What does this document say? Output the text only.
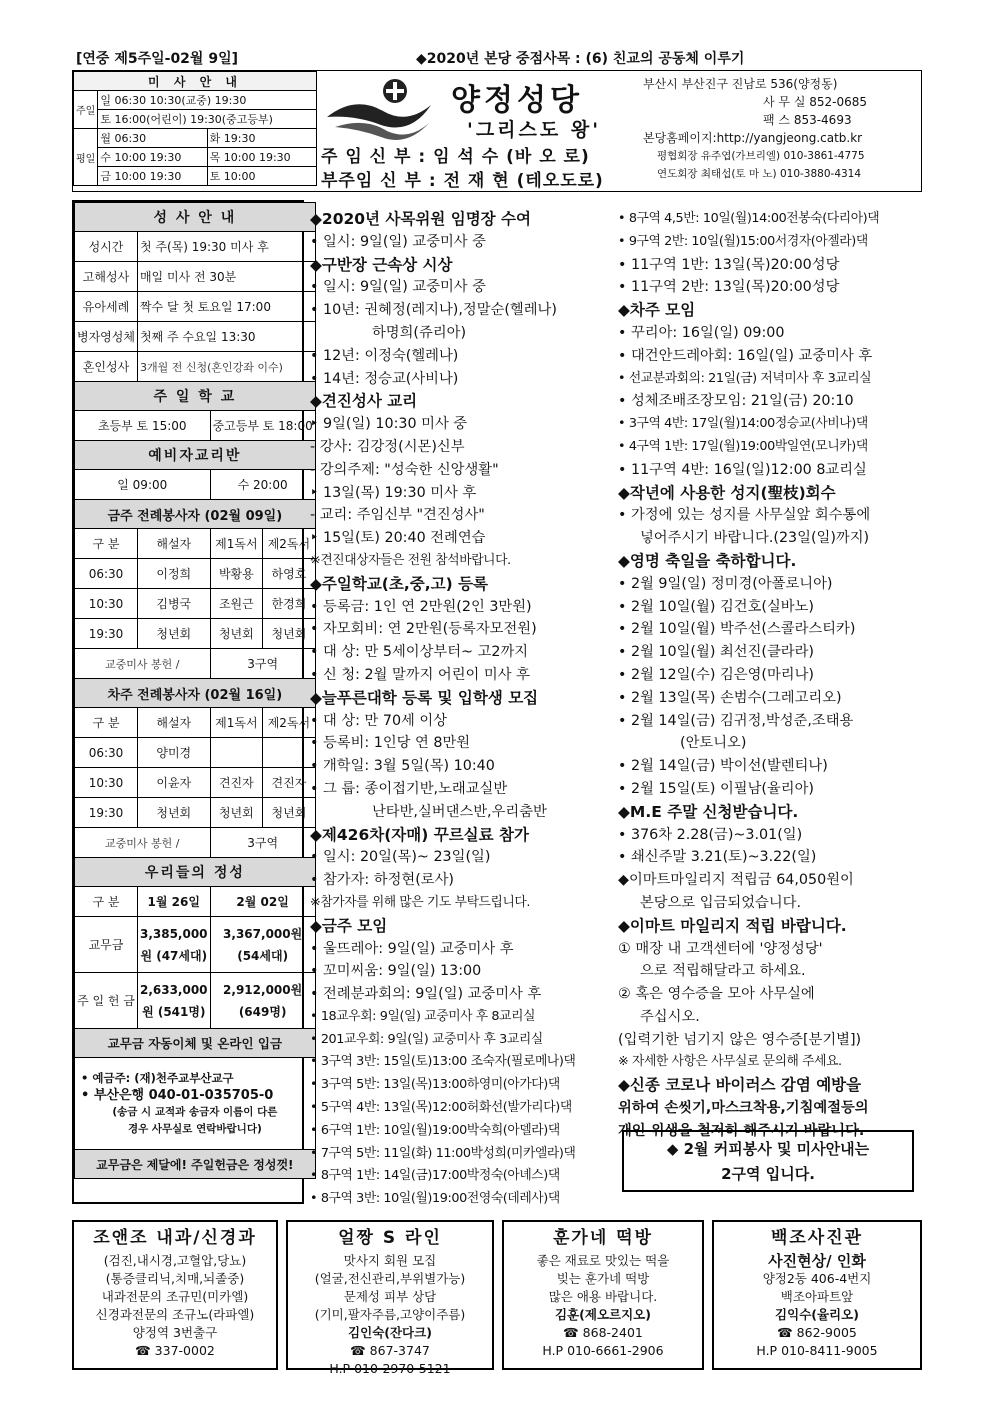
[연중 제5주일-02월 9일]	◆2020년 본당 중점사목 : (6) 친교의 공동체 이루기
미 사 안 내		
주일	일 06:30 10:30(교중) 19:30	
	토 16:00(어린이) 19:30(중고등부)	
평일	월 06:30	화 19:30
	수 10:00 19:30	목 10:00 19:30
	금 10:00 19:30	토 10:00
양정성당
'그리스도 왕'
주 임 신 부 : 임 석 수 (바 오 로)
부주임 신 부 : 전 재 현 (테오도로)
부산시 부산진구 진남로 536(양정동)
사 무 실 852-0685
팩 스 853-4693
본당홈페이지:http://yangjeong.catb.kr
평협회장 유주엽(가브리엘) 010-3861-4775
연도회장 최태섭(토 마 노) 010-3880-4314
성 사 안 내			
성시간	첫 주(목) 19:30 미사 후		
고해성사	매일 미사 전 30분		
유아세례	짝수 달 첫 토요일 17:00		
병자영성체	첫째 주 수요일 13:30		
혼인성사	3개월 전 신청(혼인강좌 이수)		
주 일 학 교			
초등부 토 15:00		중고등부 토 18:00	
예비자교리반			
일 09:00		수 20:00	
금주 전례봉사자 (02월 09일)			
구 분	해설자	제1독서	제2독서
06:30	이정희	박황용	하영호
10:30	김병국	조원근	한경희
19:30	청년회	청년회	청년회
교중미사 봉헌 /		3구역	
차주 전례봉사자 (02월 16일)			
구 분	해설자	제1독서	제2독서
06:30	양미경		
10:30	이윤자	견진자	견진자
19:30	청년회	청년회	청년회
교중미사 봉헌 /		3구역	
우리들의 정성			
구 분	1월 26일	2월 02일	
교무금	3,385,000원 (47세대)	3,367,000원 (54세대)	
주 일 헌 금	2,633,000원 (541명)	2,912,000원 (649명)	
교무금 자동이체 및 온라인 입금			

• 예금주: (재)천주교부산교구
• 부산은행 040-01-035705-0
(송금 시 교적과 송금자 이름이 다른
경우 사무실로 연락바랍니다)			

교무금은 제달에! 주일헌금은 정성껏!			
◆2020년 사목위원 임명장 수여
• 일시: 9일(일) 교중미사 중
◆구반장 근속상 시상
• 일시: 9일(일) 교중미사 중
• 10년: 권혜정(레지나),정말순(헬레나)
하명희(쥬리아)
• 12년: 이정숙(헬레나)
• 14년: 정승교(사비나)
◆견진성사 교리
‣ 9일(일) 10:30 미사 중
- 강사: 김강정(시몬)신부
- 강의주제: "성숙한 신앙생활"
‣ 13일(목) 19:30 미사 후
- 교리: 주임신부 "견진성사"
‣ 15일(토) 20:40 전례연습
※견진대상자들은 전원 참석바랍니다.
◆주일학교(초,중,고) 등록
• 등록금: 1인 연 2만원(2인 3만원)
• 자모회비: 연 2만원(등록자모전원)
• 대 상: 만 5세이상부터~ 고2까지
• 신 청: 2월 말까지 어린이 미사 후
◆늘푸른대학 등록 및 입학생 모집
• 대 상: 만 70세 이상
• 등록비: 1인당 연 8만원
• 개학일: 3월 5일(목) 10:40
• 그 룹: 종이접기반,노래교실반
난타반,실버댄스반,우리춤반
◆제426차(자매) 꾸르실료 참가
• 일시: 20일(목)~ 23일(일)
• 참가자: 하정현(로사)
※참가자를 위해 많은 기도 부탁드립니다.
◆금주 모임
• 울뜨레아: 9일(일) 교중미사 후
• 꼬미씨움: 9일(일) 13:00
• 전례분과회의: 9일(일) 교중미사 후
• 18교우회: 9일(일) 교중미사 후 8교리실
• 201교우회: 9일(일) 교중미사 후 3교리실
• 3구역 3반: 15일(토)13:00 조숙자(필로메나)댁
• 3구역 5반: 13일(목)13:00하영미(아가다)댁
• 5구역 4반: 13일(목)12:00허화선(발가리다)댁
• 6구역 1반: 10일(월)19:00박숙희(아델라)댁
• 7구역 5반: 11일(화) 11:00박성희(미카엘라)댁
• 8구역 1반: 14일(금)17:00박정숙(아녜스)댁
• 8구역 3반: 10일(월)19:00전영숙(데레사)댁
• 8구역 4,5반: 10일(월)14:00전봉숙(다리아)댁
• 9구역 2반: 10일(월)15:00서경자(아젤라)댁
• 11구역 1반: 13일(목)20:00성당
• 11구역 2반: 13일(목)20:00성당
◆차주 모임
• 꾸리아: 16일(일) 09:00
• 대건안드레아회: 16일(일) 교중미사 후
• 선교분과회의: 21일(금) 저녁미사 후 3교리실
• 성체조배조장모임: 21일(금) 20:10
• 3구역 4반: 17일(월)14:00정승교(사비나)댁
• 4구역 1반: 17일(월)19:00박일연(모니카)댁
• 11구역 4반: 16일(일)12:00 8교리실
◆작년에 사용한 성지(聖枝)회수
• 가정에 있는 성지를 사무실앞 회수통에
넣어주시기 바랍니다.(23일(일)까지)
◆영명 축일을 축하합니다.
• 2월 9일(일) 정미경(아폴로니아)
• 2월 10일(월) 김건호(실바노)
• 2월 10일(월) 박주선(스콜라스티카)
• 2월 10일(월) 최선진(클라라)
• 2월 12일(수) 김은영(마리나)
• 2월 13일(목) 손범수(그레고리오)
• 2월 14일(금) 김귀정,박성준,조태용
(안토니오)
• 2월 14일(금) 박이선(발렌티나)
• 2월 15일(토) 이필남(율리아)
◆M.E 주말 신청받습니다.
• 376차 2.28(금)~3.01(일)
• 쇄신주말 3.21(토)~3.22(일)
◆이마트마일리지 적립금 64,050원이
본당으로 입금되었습니다.
◆이마트 마일리지 적립 바랍니다.
① 매장 내 고객센터에 '양정성당'
으로 적립해달라고 하세요.
② 혹은 영수증을 모아 사무실에
주십시오.
(입력기한 넘기지 않은 영수증[분기별])
※ 자세한 사항은 사무실로 문의해 주세요.
◆신종 코로나 바이러스 감염 예방을
위하여 손씻기,마스크착용,기침예절등의
개인 위생을 철저히 해주시기 바랍니다.
◆ 2월 커피봉사 및 미사안내는
2구역 입니다.
조앤조 내과/신경과
(검진,내시경,고혈압,당뇨)
(통증클리닉,치매,뇌졸중)
내과전문의 조규민(미카엘)
신경과전문의 조규노(라파엘)
양정역 3번출구
☎ 337-0002
얼짱 S 라인
맛사지 회원 모집
(얼굴,전신관리,부위별가능)
문제성 피부 상담
(기미,팔자주름,고양이주름)
김인숙(잔다크)
☎ 867-3747
H.P 010-2970-5121
훈가네 떡방
좋은 재료로 맛있는 떡을
빚는 훈가네 떡방
많은 애용 바랍니다.
김훈(제오르지오)
☎ 868-2401
H.P 010-6661-2906
백조사진관
사진현상/ 인화
양정2동 406-4번지
백조아파트앞
김익수(율리오)
☎ 862-9005
H.P 010-8411-9005
